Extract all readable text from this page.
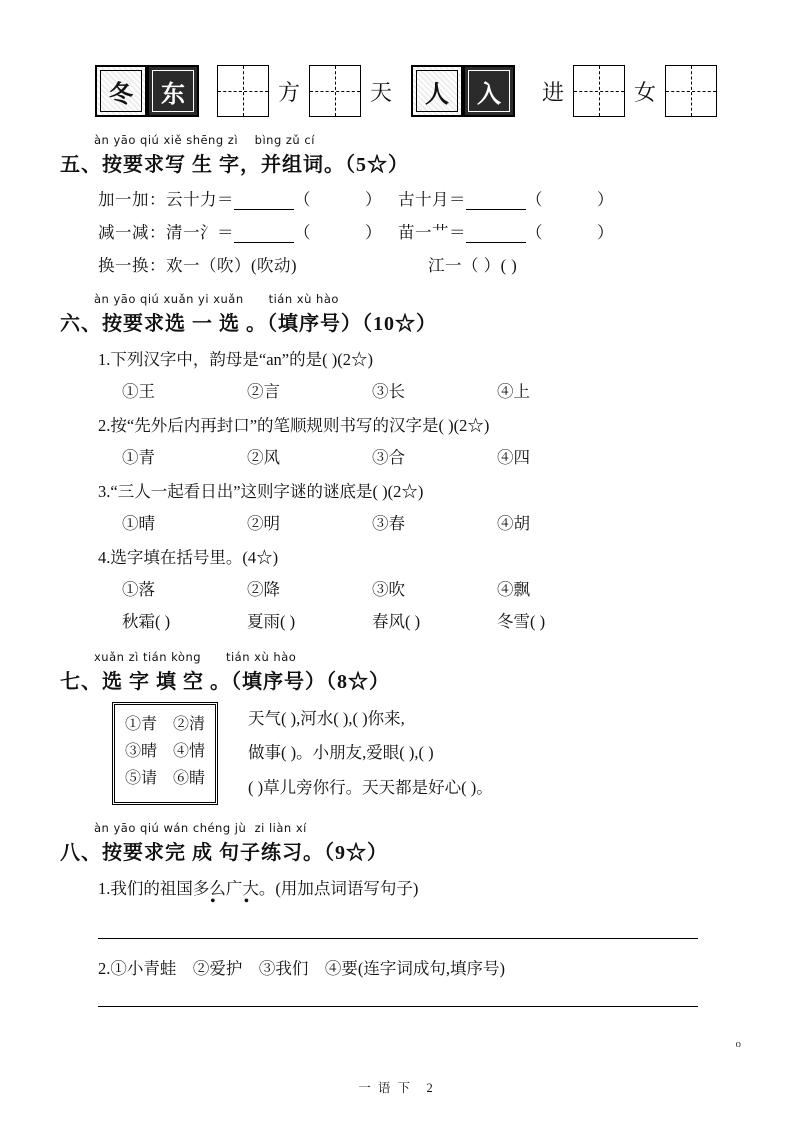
冬	东	方	天	人	入	进	女
àn yāo qiú xiě shēng zì    bìng zǔ cí
五、按要求写 生 字，并组词。（5☆）
加一加：云十力＝	（	） 古十月＝	（	）
减一减：清一氵＝	（	） 苗一艹＝	（	）
换一换：欢一（吹）(吹动)	江一（ ）( )
àn yāo qiú xuǎn yi xuǎn      tián xù hào
六、按要求选 一 选 。（填序号）（10☆）
1.下列汉字中，韵母是“an”的是( )(2☆)
①王	②言	③长	④上
2.按“先外后内再封口”的笔顺规则书写的汉字是( )(2☆)
①青	②风	③合	④四
3.“三人一起看日出”这则字谜的谜底是( )(2☆)
①晴	②明	③春	④胡
4.选字填在括号里。(4☆)
①落	②降	③吹	④飘
秋霜( )	夏雨( )	春风( )	冬雪( )
xuǎn zì tián kòng      tián xù hào
七、选 字 填 空 。（填序号）（8☆）
①青　②清
③晴　④情
⑤请　⑥睛
天气( ),河水( ),( )你来,
做事( )。小朋友,爱眼( ),( )
( )草儿旁你行。天天都是好心( )。
àn yāo qiú wán chéng jù  zi liàn xí
八、按要求完 成 句子练习。（9☆）
1.我们的祖国多么广大。(用加点词语写句子)
• •
2.①小青蛙　②爱护　③我们　④要(连字词成句,填序号)
o
一 语 下　2
